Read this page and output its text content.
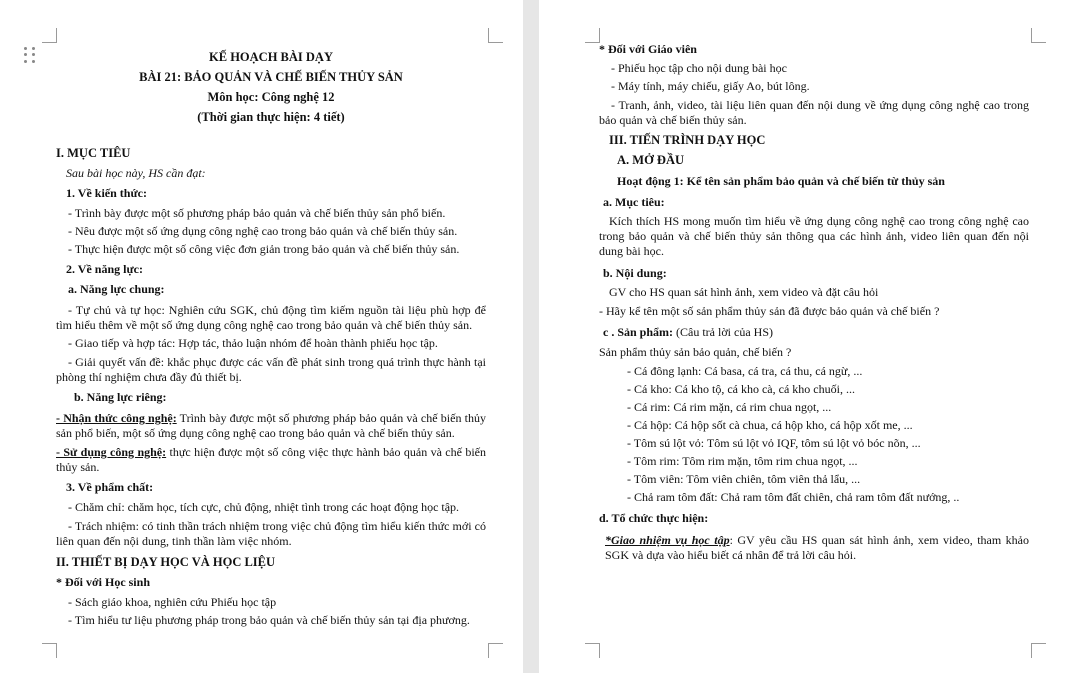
KẾ HOẠCH BÀI DẠY

BÀI 21: BẢO QUẢN VÀ CHẾ BIẾN THỦY SẢN

Môn học: Công nghệ 12

(Thời gian thực hiện: 4 tiết)

I. MỤC TIÊU

Sau bài học này, HS cần đạt:

1. Về kiến thức:

- Trình bày được một số phương pháp bảo quản và chế biến thủy sản phổ biến.

- Nêu được một số ứng dụng công nghệ cao trong bảo quản và chế biến thủy sản.

- Thực hiện được một số công việc đơn giản trong bảo quản và chế biến thủy sản.

2. Về năng lực:

a. Năng lực chung:

- Tự chủ và tự học: Nghiên cứu SGK, chủ động tìm kiếm nguồn tài liệu phù hợp để tìm hiểu thêm về một số ứng dụng công nghệ cao trong bảo quản và chế biến thủy sản.

- Giao tiếp và hợp tác: Hợp tác, thảo luận nhóm để hoàn thành phiếu học tập.

- Giải quyết vấn đề: khắc phục được các vấn đề phát sinh trong quá trình thực hành tại phòng thí nghiệm chưa đầy đủ thiết bị.

b. Năng lực riêng:

- Nhận thức công nghệ: Trình bày được một số phương pháp bảo quản và chế biến thủy sản phổ biến, một số ứng dụng công nghệ cao trong bảo quản và chế biến thủy sản.

- Sử dụng công nghệ: thực hiện được một số công việc thực hành bảo quản và chế biến thủy sản.

3. Về phẩm chất:

- Chăm chỉ: chăm học, tích cực, chủ động, nhiệt tình trong các hoạt động học tập.

- Trách nhiệm: có tinh thần trách nhiệm trong việc chủ động tìm hiểu kiến thức mới có liên quan đến nội dung, tinh thần làm việc nhóm.

II. THIẾT BỊ DẠY HỌC VÀ HỌC LIỆU

* Đối với Học sinh

- Sách giáo khoa, nghiên cứu Phiếu học tập

- Tìm hiểu tư liệu phương pháp trong bảo quản và chế biến thủy sản tại địa phương.

* Đối với Giáo viên

- Phiếu học tập cho nội dung bài học

- Máy tính, máy chiếu, giấy Ao, bút lông.

- Tranh, ảnh, video, tài liệu liên quan đến nội dung về ứng dụng công nghệ cao trong bảo quản và chế biến thủy sản.

III. TIẾN TRÌNH DẠY HỌC

A. MỞ ĐẦU

Hoạt động 1: Kể tên sản phẩm bảo quản và chế biến từ thủy sản

a. Mục tiêu:

Kích thích HS mong muốn tìm hiểu về ứng dụng công nghệ cao trong công nghệ cao trong bảo quản và chế biến thủy sản thông qua các hình ảnh, video liên quan đến nội dung bài học.

b. Nội dung:

GV cho HS quan sát hình ảnh, xem video và đặt câu hỏi

- Hãy kể tên một số sản phẩm thủy sản đã được bảo quản và chế biến ?

c . Sản phẩm: (Câu trả lời của HS)

Sản phẩm thủy sản bảo quản, chế biến ?

- Cá đông lạnh: Cá basa, cá tra, cá thu, cá ngừ, ...

- Cá kho: Cá kho tộ, cá kho cà, cá kho chuối, ...

- Cá rim: Cá rim mặn, cá rim chua ngọt, ...

- Cá hộp: Cá hộp sốt cà chua, cá hộp kho, cá hộp xốt me, ...

- Tôm sú lột vỏ: Tôm sú lột vỏ IQF, tôm sú lột vỏ bóc nõn, ...

- Tôm rim: Tôm rim mặn, tôm rim chua ngọt, ...

- Tôm viên: Tôm viên chiên, tôm viên thả lẩu, ...

- Chả ram tôm đất: Chả ram tôm đất chiên, chả ram tôm đất nướng, ..

d. Tổ chức thực hiện:

*Giao nhiệm vụ học tập: GV yêu cầu HS quan sát hình ảnh, xem video, tham khảo SGK và dựa vào hiểu biết cá nhân để trả lời câu hỏi.
